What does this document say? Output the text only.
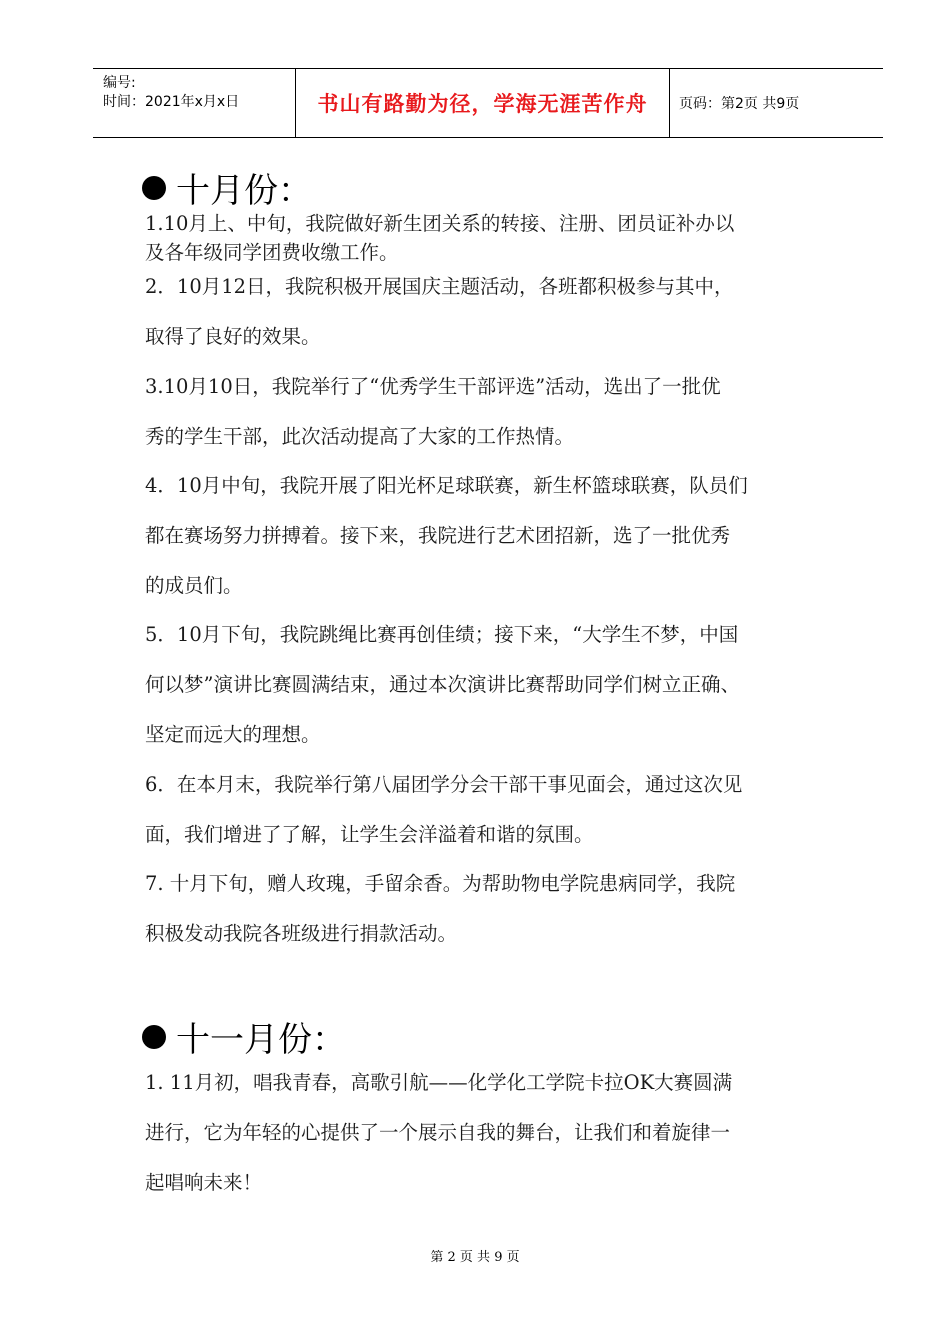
编号:
时间：2021年x月x日	书山有路勤为径，学海无涯苦作舟 页码：第2页 共9页
十月份：
1.10月上、中旬，我院做好新生团关系的转接、注册、团员证补办以
及各年级同学团费收缴工作。
2．10月12日，我院积极开展国庆主题活动，各班都积极参与其中，
取得了良好的效果。
3.10月10日，我院举行了“优秀学生干部评选”活动，选出了一批优
秀的学生干部，此次活动提高了大家的工作热情。
4．10月中旬，我院开展了阳光杯足球联赛，新生杯篮球联赛，队员们
都在赛场努力拼搏着。接下来，我院进行艺术团招新，选了一批优秀
的成员们。
5．10月下旬，我院跳绳比赛再创佳绩；接下来，“大学生不梦，中国
何以梦”演讲比赛圆满结束，通过本次演讲比赛帮助同学们树立正确、
坚定而远大的理想。
6．在本月末，我院举行第八届团学分会干部干事见面会，通过这次见
面，我们增进了了解，让学生会洋溢着和谐的氛围。
7. 十月下旬，赠人玫瑰，手留余香。为帮助物电学院患病同学，我院
积极发动我院各班级进行捐款活动。
十一月份：
1. 11月初，唱我青春，高歌引航——化学化工学院卡拉OK大赛圆满
进行，它为年轻的心提供了一个展示自我的舞台，让我们和着旋律一
起唱响未来！
第 2 页 共 9 页
